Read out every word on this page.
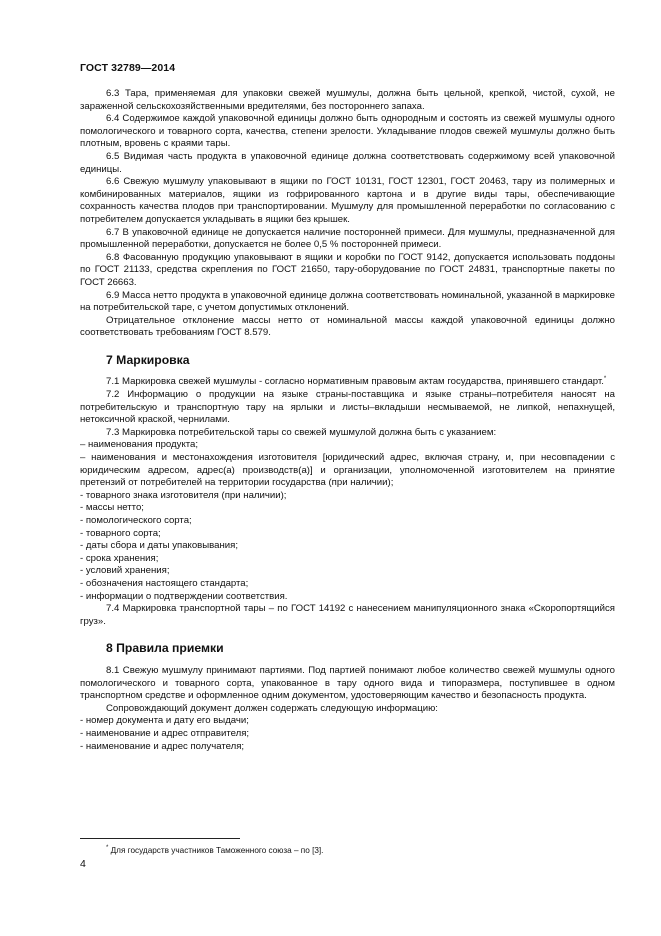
ГОСТ 32789—2014

6.3 Тара, применяемая для упаковки свежей мушмулы, должна быть цельной, крепкой, чистой, сухой, не зараженной сельскохозяйственными вредителями, без постороннего запаха.

6.4 Содержимое каждой упаковочной единицы должно быть однородным и состоять из свежей мушмулы одного помологического и товарного сорта, качества, степени зрелости. Укладывание плодов свежей мушмулы должно быть плотным, вровень с краями тары.

6.5 Видимая часть продукта в упаковочной единице должна соответствовать содержимому всей упаковочной единицы.

6.6 Свежую мушмулу упаковывают в ящики по ГОСТ 10131, ГОСТ 12301, ГОСТ 20463, тару из полимерных и комбинированных материалов, ящики из гофрированного картона и в другие виды тары, обеспечивающие сохранность качества плодов при транспортировании. Мушмулу для промышленной переработки по согласованию с потребителем допускается укладывать в ящики без крышек.

6.7 В упаковочной единице не допускается наличие посторонней примеси. Для мушмулы, предназначенной для промышленной переработки, допускается не более 0,5 % посторонней примеси.

6.8 Фасованную продукцию упаковывают в ящики и коробки по ГОСТ 9142, допускается использовать поддоны по ГОСТ 21133, средства скрепления по ГОСТ 21650, тару-оборудование по ГОСТ 24831, транспортные пакеты по ГОСТ 26663.

6.9 Масса нетто продукта в упаковочной единице должна соответствовать номинальной, указанной в маркировке на потребительской таре, с учетом допустимых отклонений.

Отрицательное отклонение массы нетто от номинальной массы каждой упаковочной единицы должно соответствовать требованиям ГОСТ 8.579.

7 Маркировка

7.1 Маркировка свежей мушмулы - согласно нормативным правовым актам государства, принявшего стандарт.*

7.2 Информацию о продукции на языке страны-поставщика и языке страны–потребителя наносят на потребительскую и транспортную тару на ярлыки и листы–вкладыши несмываемой, не липкой, непахнущей, нетоксичной краской, чернилами.

7.3 Маркировка потребительской тары со свежей мушмулой должна быть с указанием:

– наименования продукта;

– наименования и местонахождения изготовителя [юридический адрес, включая страну, и, при несовпадении с юридическим адресом, адрес(а) производств(а)] и организации, уполномоченной изготовителем на принятие претензий от потребителей на территории государства (при наличии);

- товарного знака изготовителя (при наличии);

- массы нетто;

- помологического сорта;

- товарного сорта;

- даты сбора и даты упаковывания;

- срока хранения;

- условий хранения;

- обозначения настоящего стандарта;

- информации о подтверждении соответствия.

7.4 Маркировка транспортной тары – по ГОСТ 14192 с нанесением манипуляционного знака «Скоропортящийся груз».

8 Правила приемки

8.1 Свежую мушмулу принимают партиями. Под партией понимают любое количество свежей мушмулы одного помологического и товарного сорта, упакованное в тару одного вида и типоразмера, поступившее в одном транспортном средстве и оформленное одним документом, удостоверяющим качество и безопасность продукта.

Сопровождающий документ должен содержать следующую информацию:

- номер документа и дату его выдачи;

- наименование и адрес отправителя;

- наименование и адрес получателя;

* Для государств участников Таможенного союза – по [3].
4
